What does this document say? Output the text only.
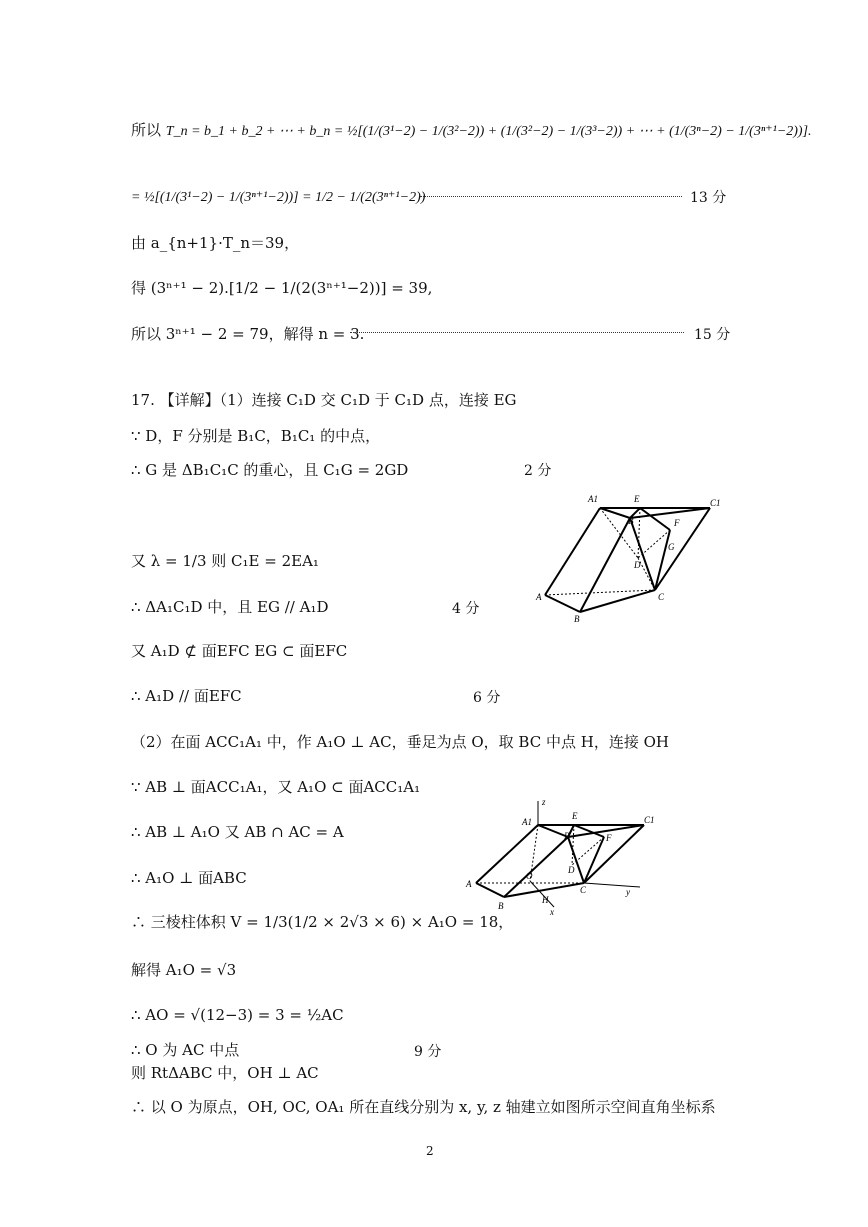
所以 T_n = b_1 + b_2 + ⋯ + b_n = ½[(1/(3¹−2) − 1/(3²−2)) + (1/(3²−2) − 1/(3³−2)) + ⋯ + (1/(3ⁿ−2) − 1/(3ⁿ⁺¹−2))].
= ½[(1/(3¹−2) − 1/(3ⁿ⁺¹−2))] = 1/2 − 1/(2(3ⁿ⁺¹−2))	13 分
由 a_{n+1}·T_n＝39，
得 (3ⁿ⁺¹ − 2).[1/2 − 1/(2(3ⁿ⁺¹−2))] = 39,
所以 3ⁿ⁺¹ − 2 = 79，解得 n = 3.	15 分
17. 【详解】（1）连接 C₁D 交 C₁D 于 C₁D 点，连接 EG
∵ D，F 分别是 B₁C，B₁C₁ 的中点，
∴ G 是 ΔB₁C₁C 的重心，且 C₁G = 2GD	2 分
又 λ = 1/3 则 C₁E = 2EA₁
∴ ΔA₁C₁D 中，且 EG // A₁D	4 分
又 A₁D ⊄ 面EFC EG ⊂ 面EFC
∴ A₁D // 面EFC	6 分
（2）在面 ACC₁A₁ 中，作 A₁O ⊥ AC，垂足为点 O，取 BC 中点 H，连接 OH
∵ AB ⊥ 面ACC₁A₁，又 A₁O ⊂ 面ACC₁A₁
∴ AB ⊥ A₁O 又 AB ∩ AC = A
∴ A₁O ⊥ 面ABC
∴ 三棱柱体积 V = 1/3(1/2 × 2√3 × 6) × A₁O = 18，
解得 A₁O = √3
∴ AO = √(12−3) = 3 = ½AC
∴ O 为 AC 中点	9 分
则 RtΔABC 中，OH ⊥ AC
∴ 以 O 为原点，OH, OC, OA₁ 所在直线分别为 x, y, z 轴建立如图所示空间直角坐标系
A1	E	C1
B	F
G
D
A	C
B
z
A1
E	C1
B	F
D
A
O
C	y
B
H
x
2
